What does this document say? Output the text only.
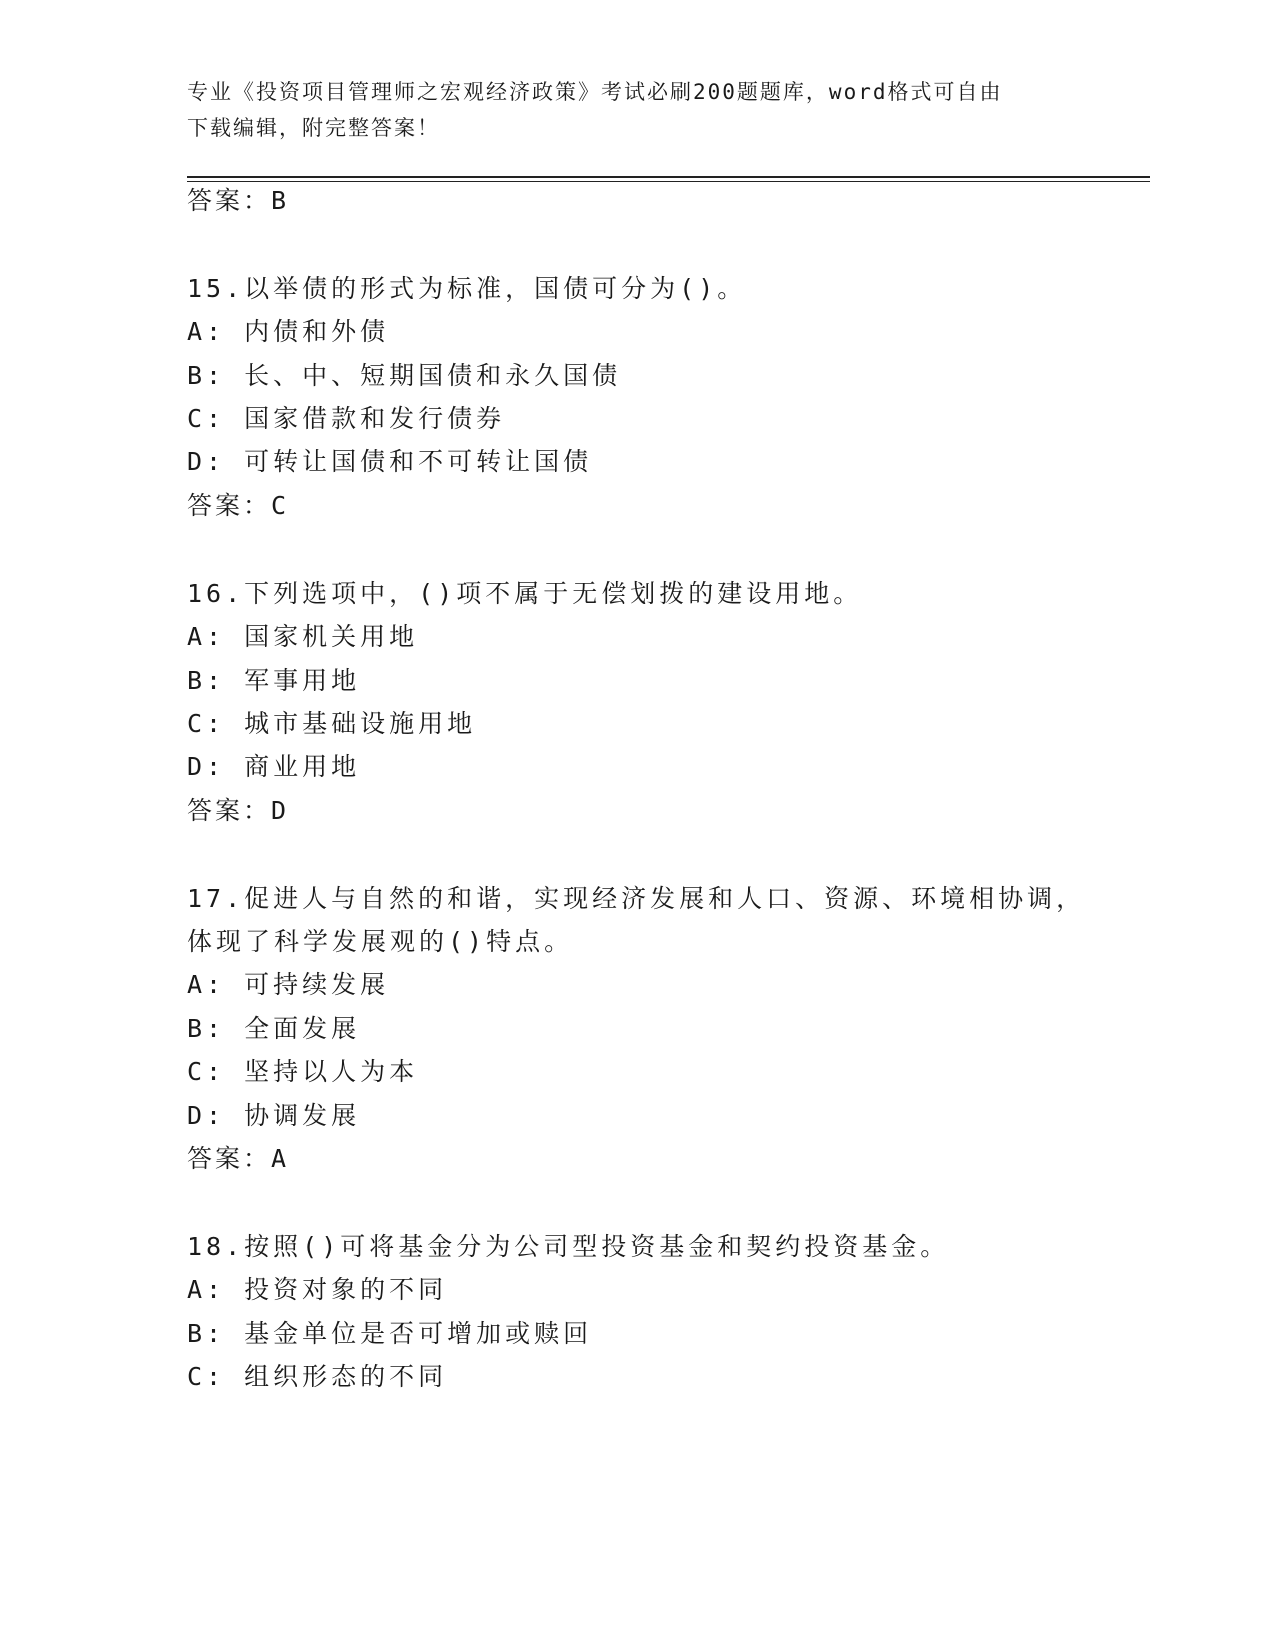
专业《投资项目管理师之宏观经济政策》考试必刷200题题库，word格式可自由
下载编辑，附完整答案！
答案：B
15.以举债的形式为标准，国债可分为()。
A: 内债和外债
B: 长、中、短期国债和永久国债
C: 国家借款和发行债券
D: 可转让国债和不可转让国债
答案：C
16.下列选项中，()项不属于无偿划拨的建设用地。
A: 国家机关用地
B: 军事用地
C: 城市基础设施用地
D: 商业用地
答案：D
17.促进人与自然的和谐，实现经济发展和人口、资源、环境相协调，
体现了科学发展观的()特点。
A: 可持续发展
B: 全面发展
C: 坚持以人为本
D: 协调发展
答案：A
18.按照()可将基金分为公司型投资基金和契约投资基金。
A: 投资对象的不同
B: 基金单位是否可增加或赎回
C: 组织形态的不同
